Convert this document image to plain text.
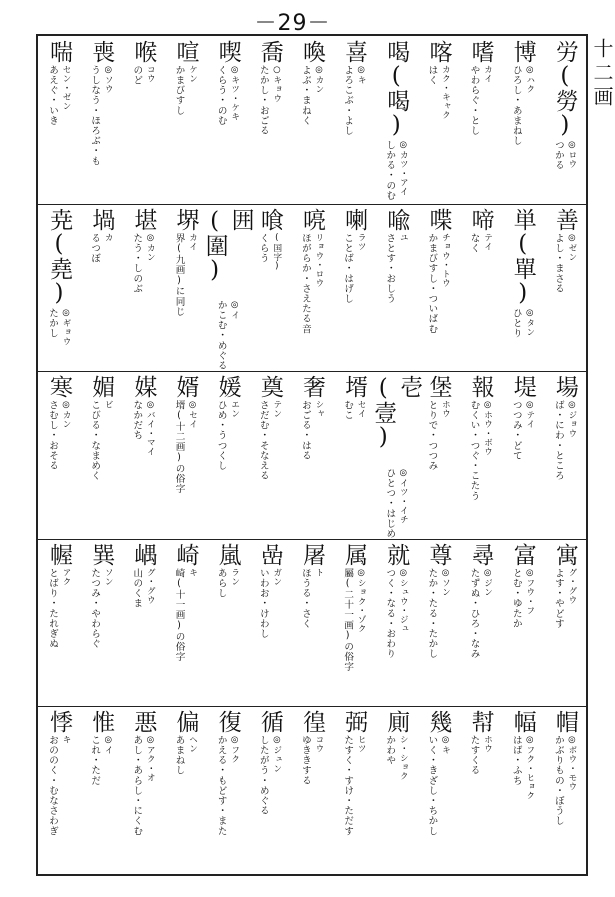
－29－
労(勞)
◎ロウ
つかる
博
◎ハク
ひろし・あまねし
嗜
カイ
やわらぐ・とし
喀
カク・キャク
はく
喝(喝)
◎カツ・アイ
しかる・のむ
喜
◎キ
よろこぶ・よし
喚
◎カン
よぶ・まねく
喬
○キョウ
たかし・おごる
喫
◎キツ・ケキ
くらう・のむ
喧
ケン
かまびすし
喉
コウ
のど
喪
◎ソウ
うしなう・ほろぶ・も
喘
セン・ゼン
あえぐ・いき
善
◎ゼン
よし・まさる
単(單)
◎タン
ひとり
啼
テイ
なく
喋
チョウ・トウ
かまびすし・ついばむ
喩
ユ
さとす・おしう
喇
ラツ
ことば・はげし
喨
リョウ・ロウ
ほがらか・さえたる音
喰
(国字)
くらう
囲(圍)
◎イ
かこむ・めぐる
堺
カイ
界(九画)に同じ
堪
◎カン
たう・しのぶ
堝
カ
るつぼ
尭(堯)
◎ギョウ
たかし
場
◎ジョウ
ば・にわ・ところ
堤
◎テイ
つつみ・どて
報
◎ホウ・ボウ
むくい・つぐ・こたう
堡
ホウ
とりで・つつみ
壱(壹)
◎イツ・イチ
ひとつ・はじめ
壻
セイ
むこ
奢
シャ
おごる・はる
奠
テン
さだむ・そなえる
媛
エン
ひめ・うつくし
婿
◎セイ
壻(十二画)の俗字
媒
◎バイ・マイ
なかだち
媚
ビ
こびる・なまめく
寒
◎カン
さむし・おそる
寓
グ・グウ
よす・やどす
富
◎フウ・フ
とむ・ゆたか
尋
◎ジン
たずぬ・ひろ・なみ
尊
◎ソン
たか・たる・たかし
就
◎シュウ・ジュ
つく・なる・おわり
属
◎ショク・ゾク
屬(二十一画)の俗字
屠
ト
ほうる・さく
嵒
ガン
いわお・けわし
嵐
ラン
あらし
崎
キ
崎(十一画)の俗字
嵎
グ・グウ
山のくま
巽
ソン
たつみ・やわらぐ
幄
アク
とばり・たれぎぬ
帽
◎ボウ・モウ
かぶりもの・ぼうし
幅
◎フク・ヒョク
はば・ふち
幇
ホウ
たすくる
幾
◎キ
いく・きざし・ちかし
廁
シ・ショク
かわや
弼
ヒツ
たすく・すけ・ただす
徨
コウ
ゆききする
循
◎ジュン
したがう・めぐる
復
◎フク
かえる・もどす・また
偏
ヘン
あまねし
悪
◎アク・オ
あし・あらし・にくむ
惟
◎イ
これ・ただ
悸
キ
おののく・むなさわぎ
十二画
